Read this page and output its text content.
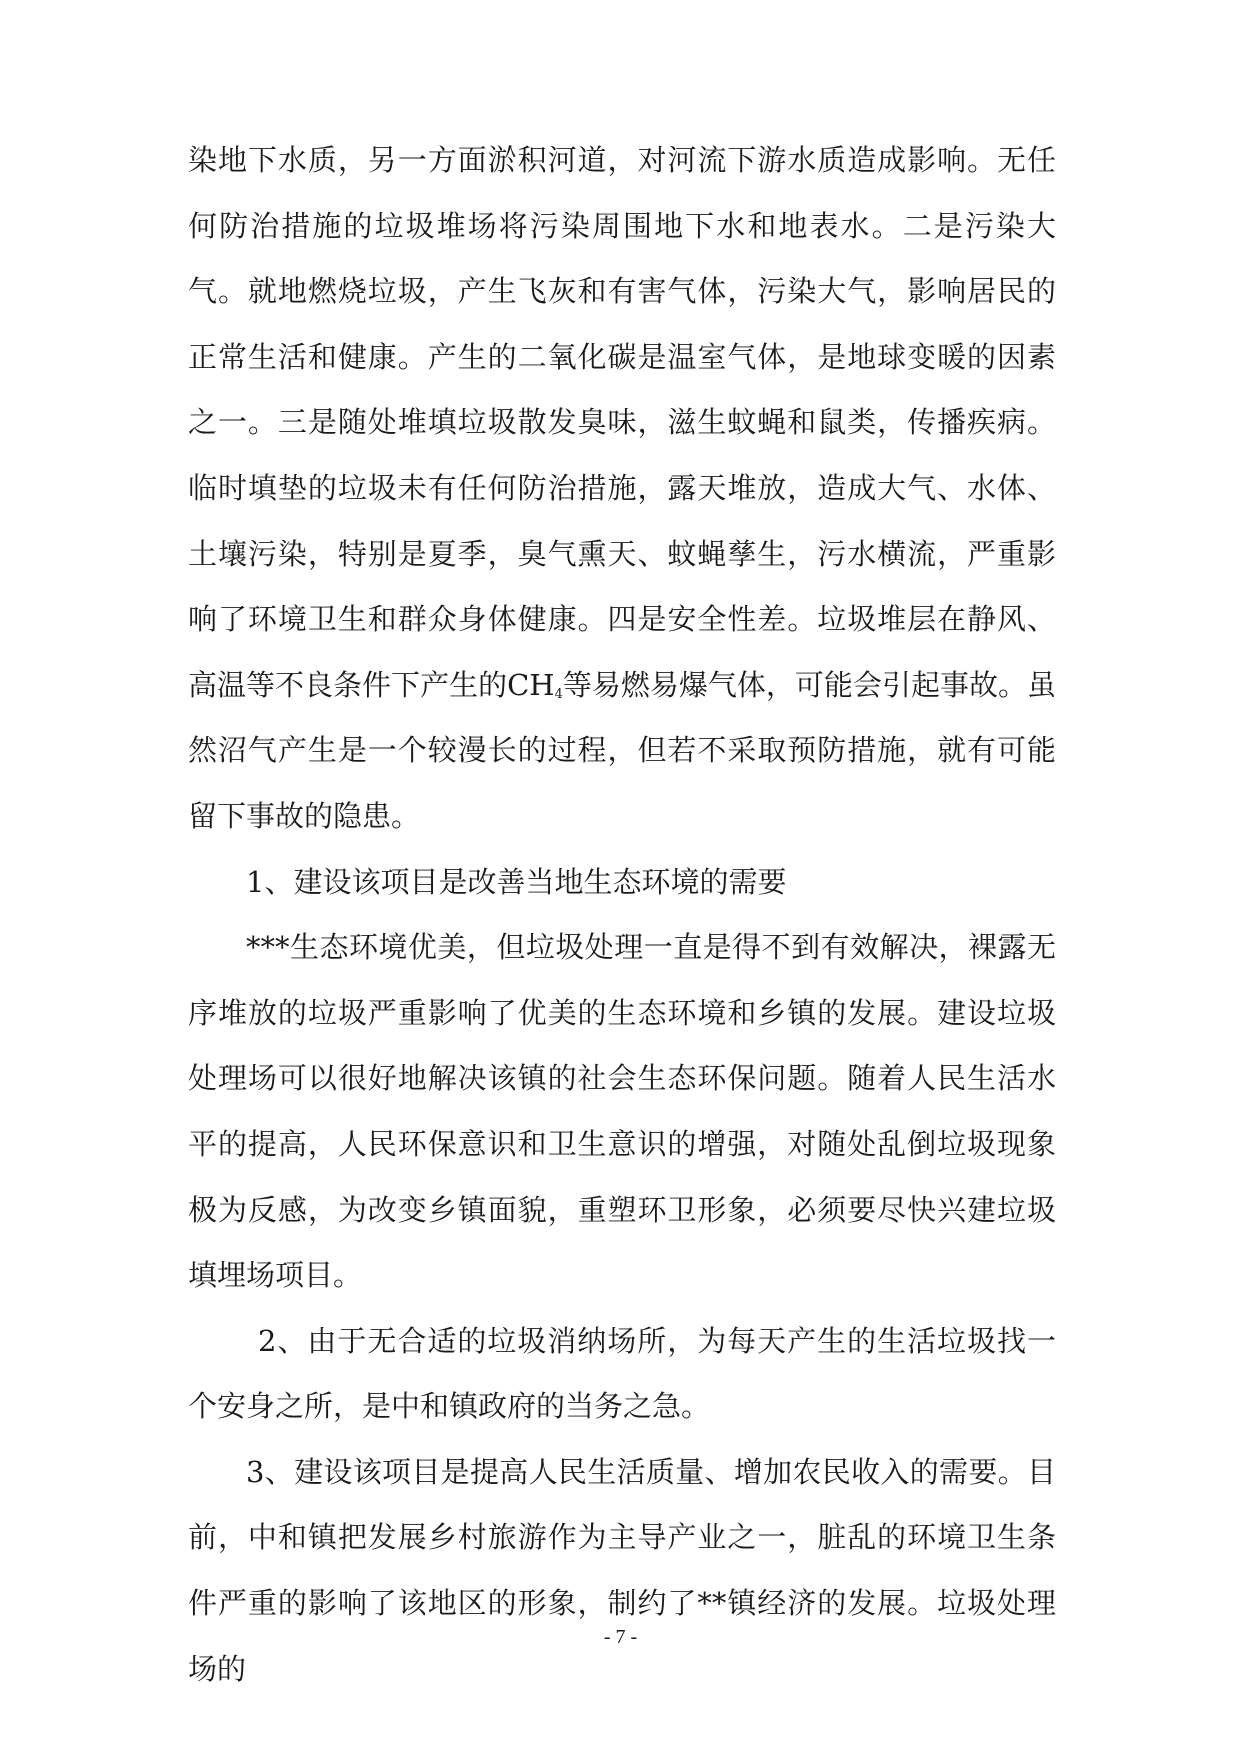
染地下水质，另一方面淤积河道，对河流下游水质造成影响。无任何防治措施的垃圾堆场将污染周围地下水和地表水。二是污染大气。就地燃烧垃圾，产生飞灰和有害气体，污染大气，影响居民的正常生活和健康。产生的二氧化碳是温室气体，是地球变暖的因素之一。三是随处堆填垃圾散发臭味，滋生蚊蝇和鼠类，传播疾病。临时填垫的垃圾未有任何防治措施，露天堆放，造成大气、水体、土壤污染，特别是夏季，臭气熏天、蚊蝇孳生，污水横流，严重影响了环境卫生和群众身体健康。四是安全性差。垃圾堆层在静风、高温等不良条件下产生的$CH_4$等易燃易爆气体，可能会引起事故。虽然沼气产生是一个较漫长的过程，但若不采取预防措施，就有可能留下事故的隐患。

1、建设该项目是改善当地生态环境的需要

***生态环境优美，但垃圾处理一直是得不到有效解决，裸露无序堆放的垃圾严重影响了优美的生态环境和乡镇的发展。建设垃圾处理场可以很好地解决该镇的社会生态环保问题。随着人民生活水平的提高，人民环保意识和卫生意识的增强，对随处乱倒垃圾现象极为反感，为改变乡镇面貌，重塑环卫形象，必须要尽快兴建垃圾填埋场项目。

2、由于无合适的垃圾消纳场所，为每天产生的生活垃圾找一个安身之所，是中和镇政府的当务之急。

3、建设该项目是提高人民生活质量、增加农民收入的需要。目前，中和镇把发展乡村旅游作为主导产业之一，脏乱的环境卫生条件严重的影响了该地区的形象，制约了**镇经济的发展。垃圾处理场的

- 7 -
